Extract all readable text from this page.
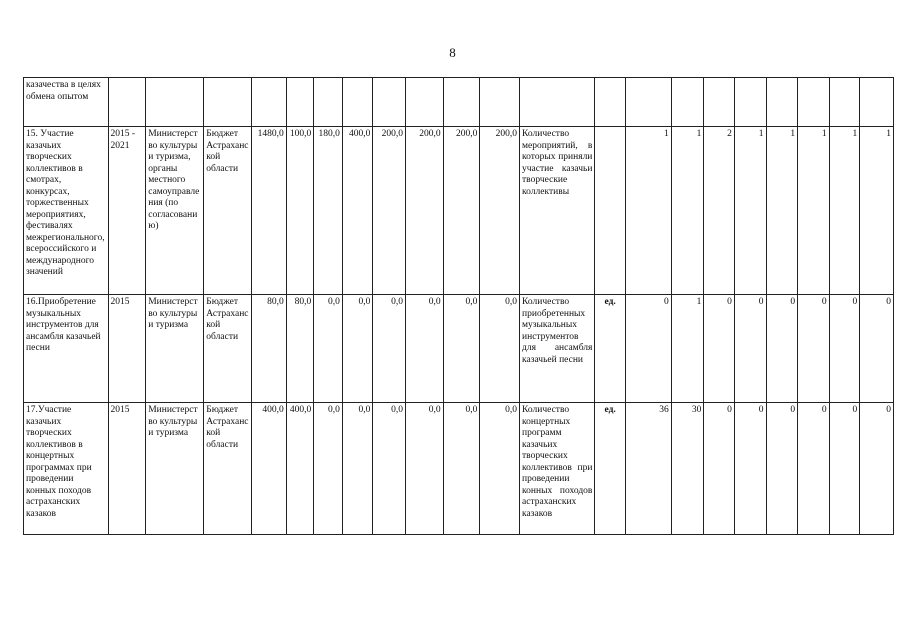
8
казачества в целях обмена опытом																					
15. Участие казачьих творческих коллективов в смотрах, конкурсах, торжественных мероприятиях, фестивалях межрегионального, всероссийского и международного значений	2015 - 2021	Министерство культуры и туризма, органы местного самоуправления (по согласованию)	Бюджет Астраханской области	1480,0	100,0	180,0	400,0	200,0	200,0	200,0	200,0	Количество мероприятий, в которых приняли участие казачьи творческие коллективы		1	1	2	1	1	1	1	1
16.Приобретение музыкальных инструментов для ансамбля казачьей песни	2015	Министерство культуры и туризма	Бюджет Астраханской области	80,0	80,0	0,0	0,0	0,0	0,0	0,0	0,0	Количество приобретенных музыкальных инструментов для ансамбля казачьей песни	ед.	0	1	0	0	0	0	0	0
17.Участие казачьих творческих коллективов в концертных программах при проведении конных походов астраханских казаков	2015	Министерство культуры и туризма	Бюджет Астраханской области	400,0	400,0	0,0	0,0	0,0	0,0	0,0	0,0	Количество концертных программ казачьих творческих коллективов при проведении конных походов астраханских казаков	ед.	36	30	0	0	0	0	0	0
